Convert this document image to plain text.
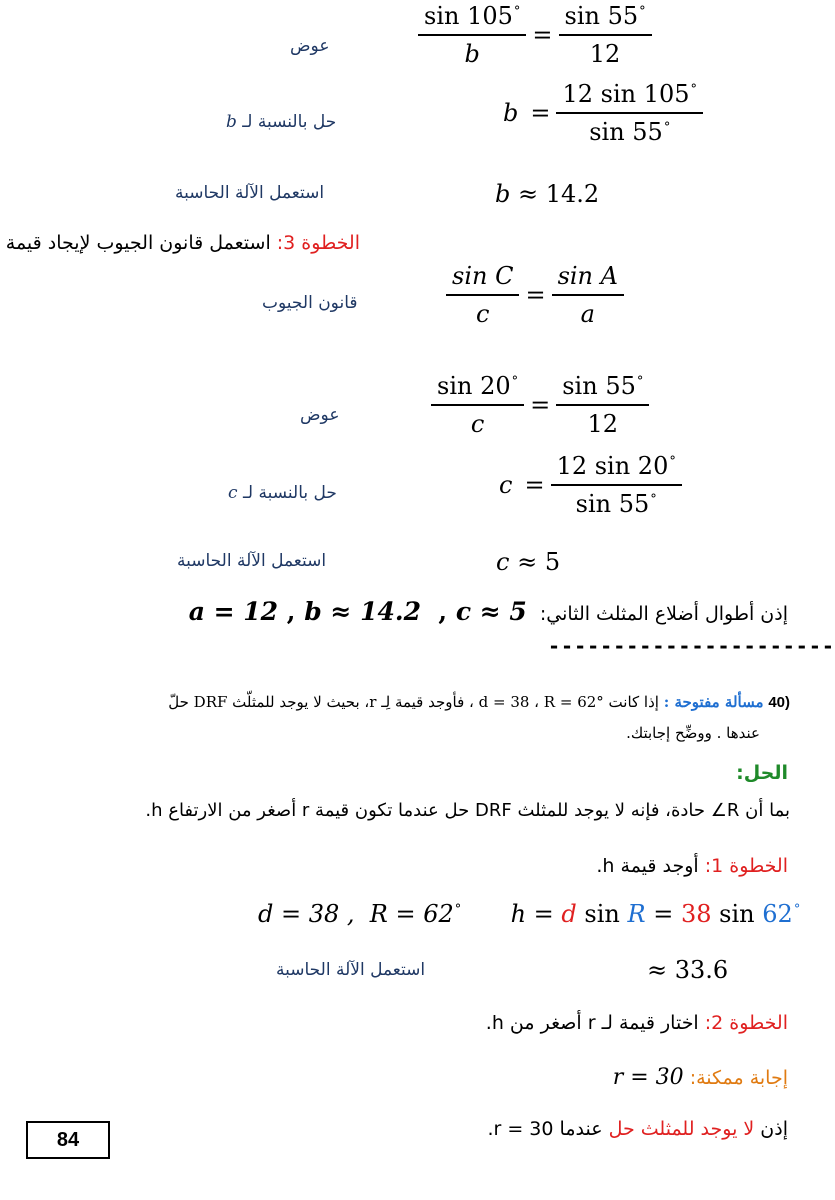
عوض	$\frac{\sin 105^\circ}{b} = \frac{\sin 55^\circ}{12}$
حل بالنسبة لـ b	$b = \frac{12 \sin 105^\circ}{\sin 55^\circ}$
استعمل الآلة الحاسبة	b ≈ 14.2
الخطوة 3: استعمل قانون الجيوب لإيجاد قيمة
قانون الجيوب	$\frac{\text{sin C}}{c} = \frac{\text{sin A}}{a}$
عوض	$\frac{\sin 20^\circ}{c} = \frac{\sin 55^\circ}{12}$
حل بالنسبة لـ c	$c = \frac{12 \sin 20^\circ}{\sin 55^\circ}$
استعمل الآلة الحاسبة	c ≈ 5
a = 12 , b ≈ 14.2 , c ≈ 5 إذن أطوال أضلاع المثلث الثاني:
----------------------
(40 مسألة مفتوحة : إذا كانت d = 38 ، R = 62° ، فأوجد قيمة لِـ r، بحيث لا يوجد للمثلّث DRF حلّ
عندها . ووضِّح إجابتك.
الحل:
بما أن R∠ حادة، فإنه لا يوجد للمثلث DRF حل عندما تكون قيمة r أصغر من الارتفاع h.
الخطوة 1: أوجد قيمة h.
d = 38 , R = 62° h = d sin R = 38 sin 62°
استعمل الآلة الحاسبة	≈ 33.6
الخطوة 2: اختار قيمة لـ r أصغر من h.
إجابة ممكنة: r = 30
إذن لا يوجد للمثلث حل عندما r = 30.
84
